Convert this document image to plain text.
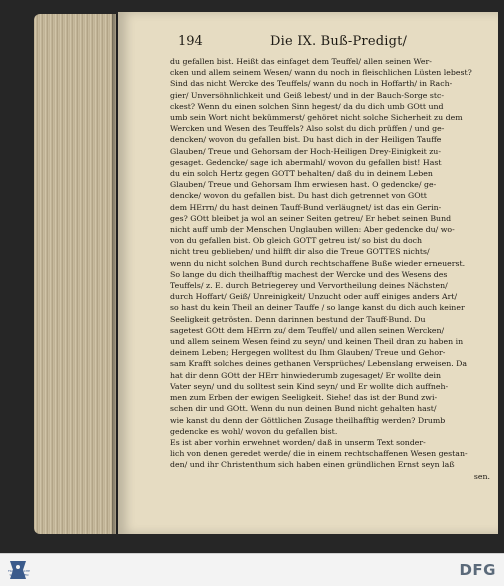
194	Die IX. Buß-Predigt/
du gefallen bist. Heißt das einfaget dem Teuffel/ allen seinen Wer-
cken und allem seinem Wesen/ wann du noch in fleischlichen Lüsten lebest?
Sind das nicht Wercke des Teuffels/ wann du noch in Hoffarth/ in Rach-
gier/ Unversöhnlichkeit und Geiß lebest/ und in der Bauch-Sorge stc-
ckest? Wenn du einen solchen Sinn hegest/ da du dich umb GOtt und
umb sein Wort nicht bekümmerst/ gehöret nicht solche Sicherheit zu dem
Wercken und Wesen des Teuffels? Also solst du dich prüffen / und ge-
dencken/ wovon du gefallen bist. Du hast dich in der Heiligen Tauffe
Glauben/ Treue und Gehorsam der Hoch-Heiligen Drey-Einigkeit zu-
gesaget. Gedencke/ sage ich abermahl/ wovon du gefallen bist! Hast
du ein solch Hertz gegen GOTT behalten/ daß du in deinem Leben
Glauben/ Treue und Gehorsam Ihm erwiesen hast. O gedencke/ ge-
dencke/ wovon du gefallen bist. Du hast dich getrennet von GOtt
dem HErrn/ du hast deinen Tauff-Bund verläugnet/ ist das ein Gerin-
ges? GOtt bleibet ja wol an seiner Seiten getreu/ Er hebet seinen Bund
nicht auff umb der Menschen Unglauben willen: Aber gedencke du/ wo-
von du gefallen bist. Ob gleich GOTT getreu ist/ so bist du doch
nicht treu geblieben/ und hilfft dir also die Treue GOTTES nichts/
wenn du nicht solchen Bund durch rechtschaffene Buße wieder erneuerst.
So lange du dich theilhafftig machest der Wercke und des Wesens des
Teuffels/ z. E. durch Betriegerey und Vervortheilung deines Nächsten/
durch Hoffart/ Geiß/ Unreinigkeit/ Unzucht oder auff einiges anders Art/
so hast du kein Theil an deiner Tauffe / so lange kanst du dich auch keiner
Seeligkeit getrösten. Denn darinnen bestund der Tauff-Bund. Du
sagetest GOtt dem HErrn zu/ dem Teuffel/ und allen seinen Wercken/
und allem seinem Wesen feind zu seyn/ und keinen Theil dran zu haben in
deinem Leben; Hergegen wolltest du Ihm Glauben/ Treue und Gehor-
sam Krafft solches deines gethanen Versprüches/ Lebenslang erweisen. Da
hat dir denn GOtt der HErr hinwiederumb zugesaget/ Er wollte dein
Vater seyn/ und du solltest sein Kind seyn/ und Er wollte dich auffneh-
men zum Erben der ewigen Seeligkeit. Siehe! das ist der Bund zwi-
schen dir und GOtt. Wenn du nun deinen Bund nicht gehalten hast/
wie kanst du denn der Göttlichen Zusage theilhafftig werden? Drumb
gedencke es wohl/ wovon du gefallen bist.
Es ist aber vorhin erwehnet worden/ daß in unserm Text sonder-
lich von denen geredet werde/ die in einem rechtschaffenen Wesen gestan-
den/ und ihr Christenthum sich haben einen gründlichen Ernst seyn laß
sen.
FRANCKESCHE STIFTUNGEN	DFG
